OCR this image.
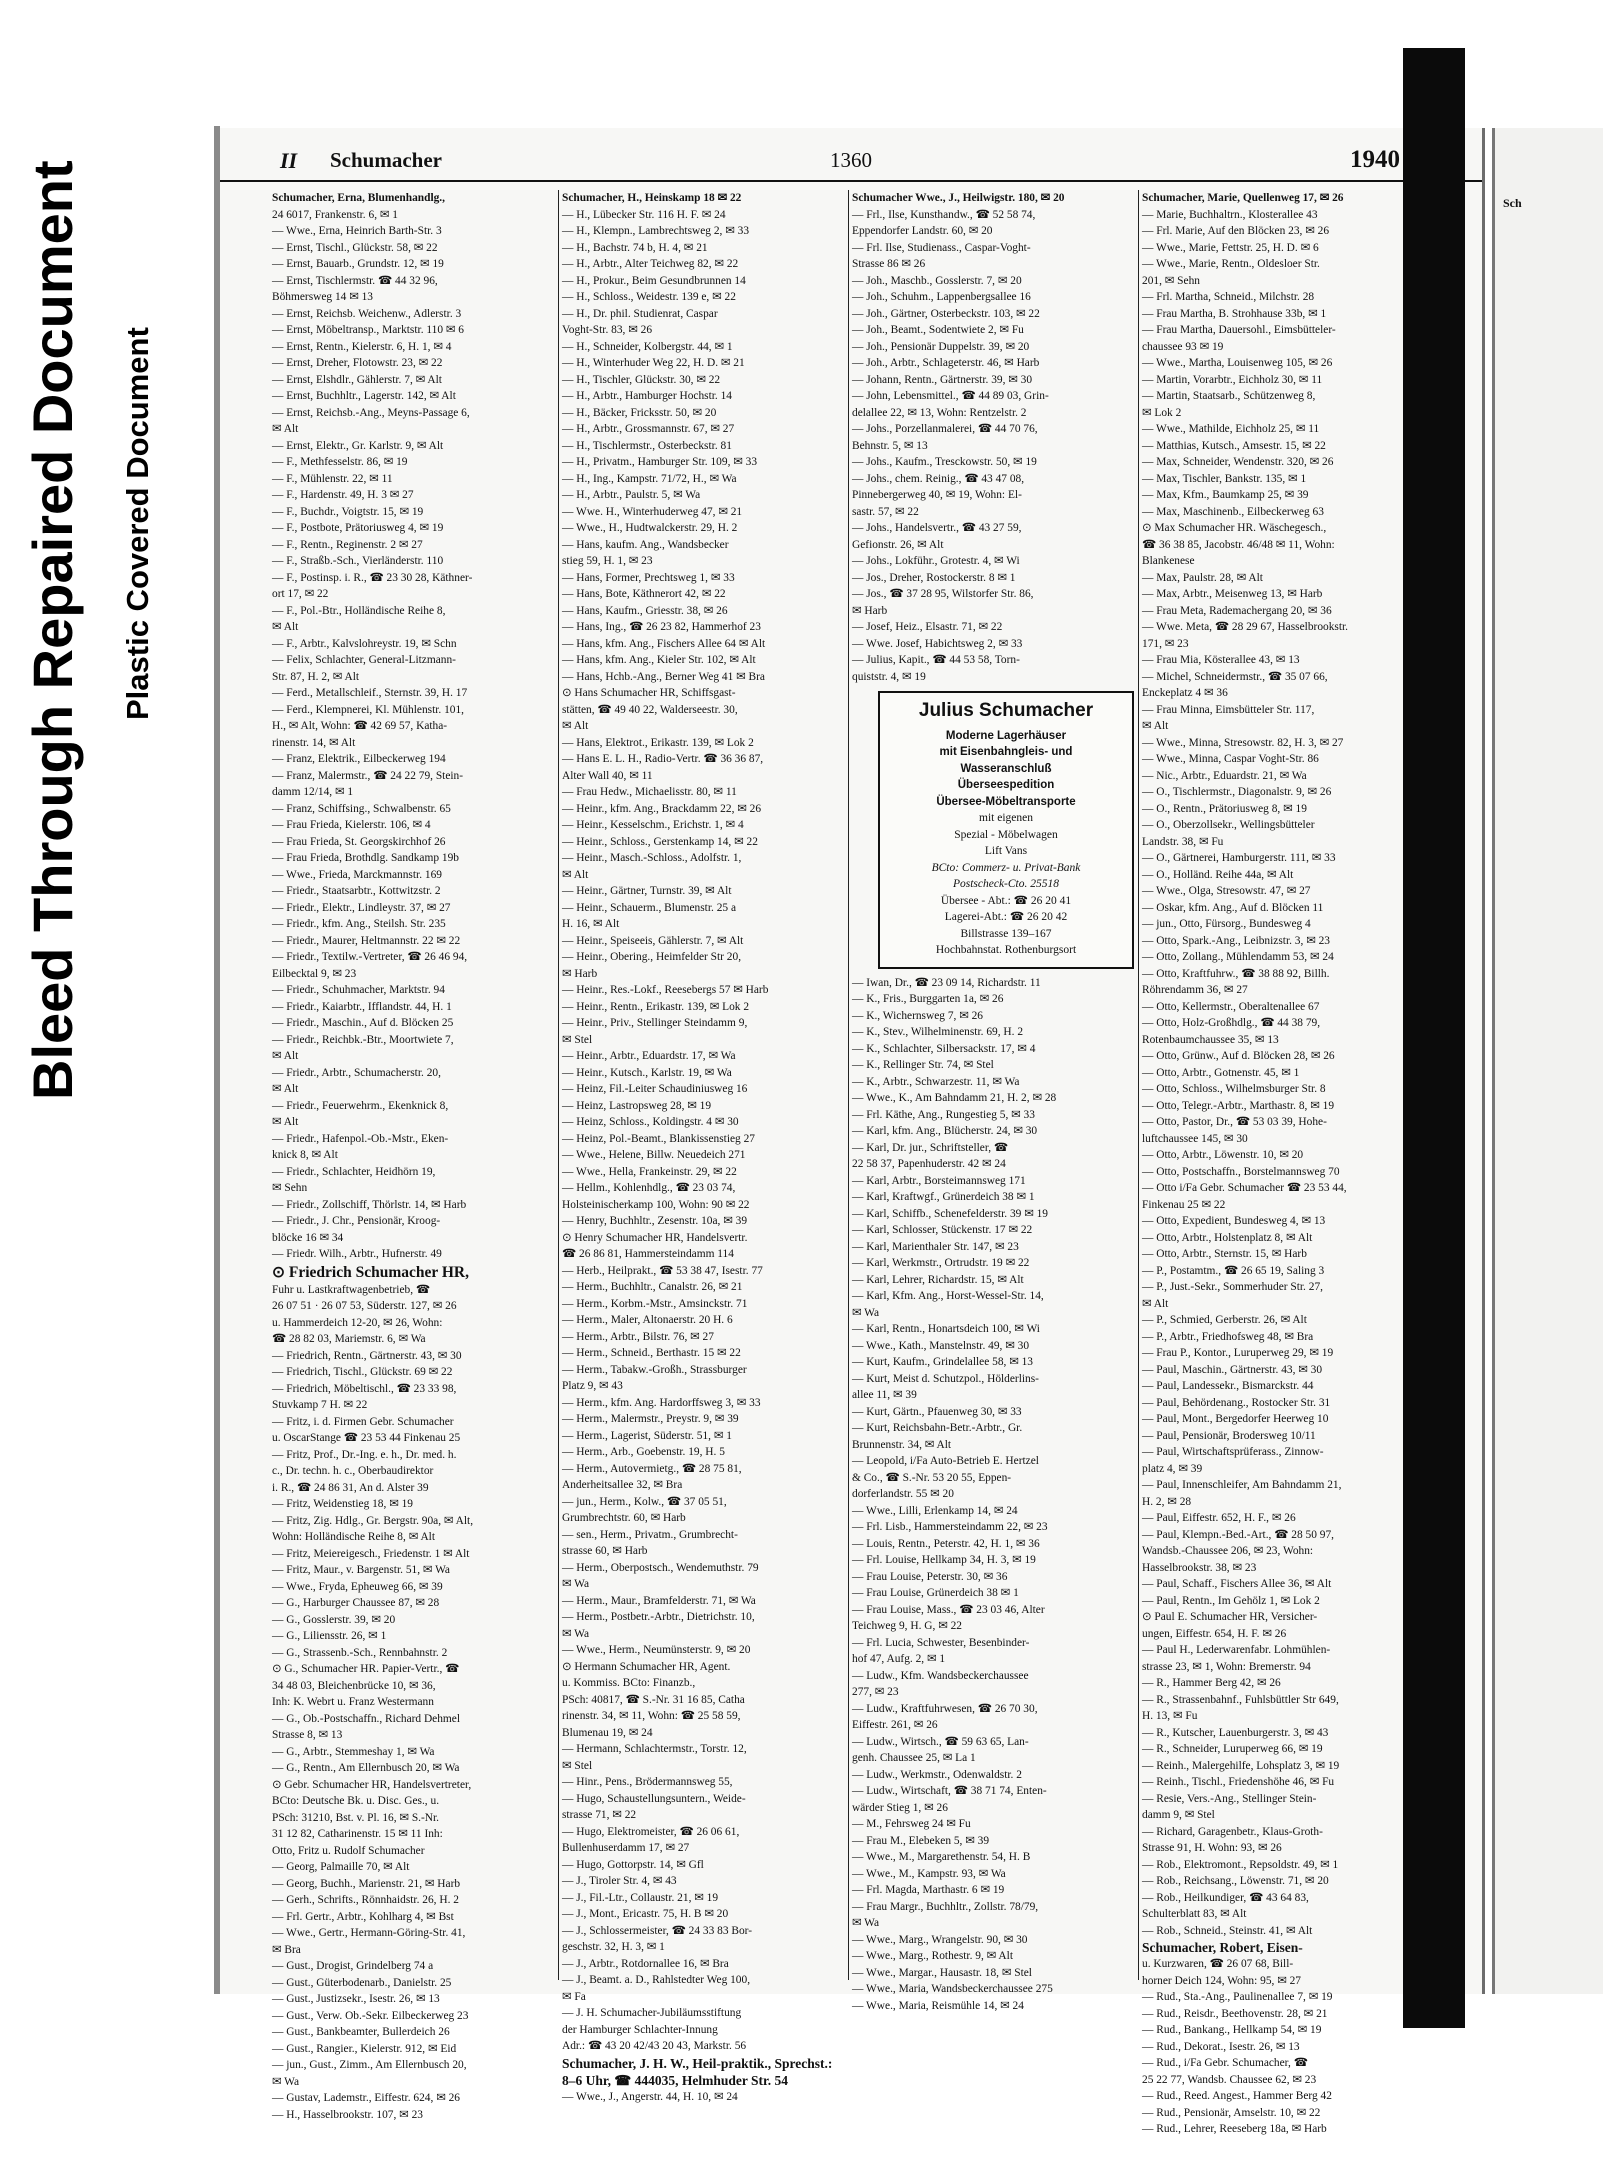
Bleed Through Repaired Document Plastic Covered Document
II Schumacher	1360	1940
Schumacher, Erna, Blumenhandlg.,
24 6017, Frankenstr. 6, ✉ 1
— Wwe., Erna, Heinrich Barth-Str. 3
— Ernst, Tischl., Glückstr. 58, ✉ 22
— Ernst, Bauarb., Grundstr. 12, ✉ 19
— Ernst, Tischlermstr. ☎ 44 32 96,
Böhmersweg 14 ✉ 13
— Ernst, Reichsb. Weichenw., Adlerstr. 3
— Ernst, Möbeltransp., Marktstr. 110 ✉ 6
— Ernst, Rentn., Kielerstr. 6, H. 1, ✉ 4
— Ernst, Dreher, Flotowstr. 23, ✉ 22
— Ernst, Elshdlr., Gählerstr. 7, ✉ Alt
— Ernst, Buchhltr., Lagerstr. 142, ✉ Alt
— Ernst, Reichsb.-Ang., Meyns-Passage 6,
✉ Alt
— Ernst, Elektr., Gr. Karlstr. 9, ✉ Alt
— F., Methfesselstr. 86, ✉ 19
— F., Mühlenstr. 22, ✉ 11
— F., Hardenstr. 49, H. 3 ✉ 27
— F., Buchdr., Voigtstr. 15, ✉ 19
— F., Postbote, Prätoriusweg 4, ✉ 19
— F., Rentn., Reginenstr. 2 ✉ 27
— F., Straßb.-Sch., Vierländerstr. 110
— F., Postinsp. i. R., ☎ 23 30 28, Käthner-
ort 17, ✉ 22
— F., Pol.-Btr., Holländische Reihe 8,
✉ Alt
— F., Arbtr., Kalvslohreystr. 19, ✉ Schn
— Felix, Schlachter, General-Litzmann-
Str. 87, H. 2, ✉ Alt
— Ferd., Metallschleif., Sternstr. 39, H. 17
— Ferd., Klempnerei, Kl. Mühlenstr. 101,
H., ✉ Alt, Wohn: ☎ 42 69 57, Katha-
rinenstr. 14, ✉ Alt
— Franz, Elektrik., Eilbeckerweg 194
— Franz, Malermstr., ☎ 24 22 79, Stein-
damm 12/14, ✉ 1
— Franz, Schiffsing., Schwalbenstr. 65
— Frau Frieda, Kielerstr. 106, ✉ 4
— Frau Frieda, St. Georgskirchhof 26
— Frau Frieda, Brothdlg. Sandkamp 19b
— Wwe., Frieda, Marckmannstr. 169
— Friedr., Staatsarbtr., Kottwitzstr. 2
— Friedr., Elektr., Lindleystr. 37, ✉ 27
— Friedr., kfm. Ang., Steilsh. Str. 235
— Friedr., Maurer, Heltmannstr. 22 ✉ 22
— Friedr., Textilw.-Vertreter, ☎ 26 46 94,
Eilbecktal 9, ✉ 23
— Friedr., Schuhmacher, Marktstr. 94
— Friedr., Kaiarbtr., Ifflandstr. 44, H. 1
— Friedr., Maschin., Auf d. Blöcken 25
— Friedr., Reichbk.-Btr., Moortwiete 7,
✉ Alt
— Friedr., Arbtr., Schumacherstr. 20,
✉ Alt
— Friedr., Feuerwehrm., Ekenknick 8,
✉ Alt
— Friedr., Hafenpol.-Ob.-Mstr., Eken-
knick 8, ✉ Alt
— Friedr., Schlachter, Heidhörn 19,
✉ Sehn
— Friedr., Zollschiff, Thörlstr. 14, ✉ Harb
— Friedr., J. Chr., Pensionär, Kroog-
blöcke 16 ✉ 34
— Friedr. Wilh., Arbtr., Hufnerstr. 49
⊙ Friedrich Schumacher HR,
Fuhr u. Lastkraftwagenbetrieb, ☎
26 07 51 · 26 07 53, Süderstr. 127, ✉ 26
u. Hammerdeich 12-20, ✉ 26, Wohn:
☎ 28 82 03, Mariemstr. 6, ✉ Wa
— Friedrich, Rentn., Gärtnerstr. 43, ✉ 30
— Friedrich, Tischl., Glückstr. 69 ✉ 22
— Friedrich, Möbeltischl., ☎ 23 33 98,
Stuvkamp 7 H. ✉ 22
— Fritz, i. d. Firmen Gebr. Schumacher
u. OscarStange ☎ 23 53 44 Finkenau 25
— Fritz, Prof., Dr.-Ing. e. h., Dr. med. h.
c., Dr. techn. h. c., Oberbaudirektor
i. R., ☎ 24 86 31, An d. Alster 39
— Fritz, Weidenstieg 18, ✉ 19
— Fritz, Zig. Hdlg., Gr. Bergstr. 90a, ✉ Alt,
Wohn: Holländische Reihe 8, ✉ Alt
— Fritz, Meiereigesch., Friedenstr. 1 ✉ Alt
— Fritz, Maur., v. Bargenstr. 51, ✉ Wa
— Wwe., Fryda, Epheuweg 66, ✉ 39
— G., Harburger Chaussee 87, ✉ 28
— G., Gosslerstr. 39, ✉ 20
— G., Liliensstr. 26, ✉ 1
— G., Strassenb.-Sch., Rennbahnstr. 2
⊙ G., Schumacher HR. Papier-Vertr., ☎
34 48 03, Bleichenbrücke 10, ✉ 36,
Inh: K. Webrt u. Franz Westermann
— G., Ob.-Postschaffn., Richard Dehmel
Strasse 8, ✉ 13
— G., Arbtr., Stemmeshay 1, ✉ Wa
— G., Rentn., Am Ellernbusch 20, ✉ Wa
⊙ Gebr. Schumacher HR, Handelsvertreter,
BCto: Deutsche Bk. u. Disc. Ges., u.
PSch: 31210, Bst. v. Pl. 16, ✉ S.-Nr.
31 12 82, Catharinenstr. 15 ✉ 11 Inh:
Otto, Fritz u. Rudolf Schumacher
— Georg, Palmaille 70, ✉ Alt
— Georg, Buchh., Marienstr. 21, ✉ Harb
— Gerh., Schrifts., Rönnhaidstr. 26, H. 2
— Frl. Gertr., Arbtr., Kohlharg 4, ✉ Bst
— Wwe., Gertr., Hermann-Göring-Str. 41,
✉ Bra
— Gust., Drogist, Grindelberg 74 a
— Gust., Güterbodenarb., Danielstr. 25
— Gust., Justizsekr., Isestr. 26, ✉ 13
— Gust., Verw. Ob.-Sekr. Eilbeckerweg 23
— Gust., Bankbeamter, Bullerdeich 26
— Gust., Rangier., Kielerstr. 912, ✉ Eid
— jun., Gust., Zimm., Am Ellernbusch 20,
✉ Wa
— Gustav, Lademstr., Eiffestr. 624, ✉ 26
— H., Hasselbrookstr. 107, ✉ 23
Schumacher, H., Heinskamp 18 ✉ 22
— H., Lübecker Str. 116 H. F. ✉ 24
— H., Klempn., Lambrechtsweg 2, ✉ 33
— H., Bachstr. 74 b, H. 4, ✉ 21
— H., Arbtr., Alter Teichweg 82, ✉ 22
— H., Prokur., Beim Gesundbrunnen 14
— H., Schloss., Weidestr. 139 e, ✉ 22
— H., Dr. phil. Studienrat, Caspar
Voght-Str. 83, ✉ 26
— H., Schneider, Kolbergstr. 44, ✉ 1
— H., Winterhuder Weg 22, H. D. ✉ 21
— H., Tischler, Glückstr. 30, ✉ 22
— H., Arbtr., Hamburger Hochstr. 14
— H., Bäcker, Fricksstr. 50, ✉ 20
— H., Arbtr., Grossmannstr. 67, ✉ 27
— H., Tischlermstr., Osterbeckstr. 81
— H., Privatm., Hamburger Str. 109, ✉ 33
— H., Ing., Kampstr. 71/72, H., ✉ Wa
— H., Arbtr., Paulstr. 5, ✉ Wa
— Wwe. H., Winterhuderweg 47, ✉ 21
— Wwe., H., Hudtwalckerstr. 29, H. 2
— Hans, kaufm. Ang., Wandsbecker
stieg 59, H. 1, ✉ 23
— Hans, Former, Prechtsweg 1, ✉ 33
— Hans, Bote, Käthnerort 42, ✉ 22
— Hans, Kaufm., Griesstr. 38, ✉ 26
— Hans, Ing., ☎ 26 23 82, Hammerhof 23
— Hans, kfm. Ang., Fischers Allee 64 ✉ Alt
— Hans, kfm. Ang., Kieler Str. 102, ✉ Alt
— Hans, Hchb.-Ang., Berner Weg 41 ✉ Bra
⊙ Hans Schumacher HR, Schiffsgast-
stätten, ☎ 49 40 22, Walderseestr. 30,
✉ Alt
— Hans, Elektrot., Erikastr. 139, ✉ Lok 2
— Hans E. L. H., Radio-Vertr. ☎ 36 36 87,
Alter Wall 40, ✉ 11
— Frau Hedw., Michaelisstr. 80, ✉ 11
— Heinr., kfm. Ang., Brackdamm 22, ✉ 26
— Heinr., Kesselschm., Erichstr. 1, ✉ 4
— Heinr., Schloss., Gerstenkamp 14, ✉ 22
— Heinr., Masch.-Schloss., Adolfstr. 1,
✉ Alt
— Heinr., Gärtner, Turnstr. 39, ✉ Alt
— Heinr., Schauerm., Blumenstr. 25 a
H. 16, ✉ Alt
— Heinr., Speiseeis, Gählerstr. 7, ✉ Alt
— Heinr., Obering., Heimfelder Str 20,
✉ Harb
— Heinr., Res.-Lokf., Reesebergs 57 ✉ Harb
— Heinr., Rentn., Erikastr. 139, ✉ Lok 2
— Heinr., Priv., Stellinger Steindamm 9,
✉ Stel
— Heinr., Arbtr., Eduardstr. 17, ✉ Wa
— Heinr., Kutsch., Karlstr. 19, ✉ Wa
— Heinz, Fil.-Leiter Schaudiniusweg 16
— Heinz, Lastropsweg 28, ✉ 19
— Heinz, Schloss., Koldingstr. 4 ✉ 30
— Heinz, Pol.-Beamt., Blankissenstieg 27
— Wwe., Helene, Billw. Neuedeich 271
— Wwe., Hella, Frankeinstr. 29, ✉ 22
— Hellm., Kohlenhdlg., ☎ 23 03 74,
Holsteinischerkamp 100, Wohn: 90 ✉ 22
— Henry, Buchhltr., Zesenstr. 10a, ✉ 39
⊙ Henry Schumacher HR, Handelsvertr.
☎ 26 86 81, Hammersteindamm 114
— Herb., Heilprakt., ☎ 53 38 47, Isestr. 77
— Herm., Buchhltr., Canalstr. 26, ✉ 21
— Herm., Korbm.-Mstr., Amsinckstr. 71
— Herm., Maler, Altonaerstr. 20 H. 6
— Herm., Arbtr., Bilstr. 76, ✉ 27
— Herm., Schneid., Berthastr. 15 ✉ 22
— Herm., Tabakw.-Großh., Strassburger
Platz 9, ✉ 43
— Herm., kfm. Ang. Hardorffsweg 3, ✉ 33
— Herm., Malermstr., Preystr. 9, ✉ 39
— Herm., Lagerist, Süderstr. 51, ✉ 1
— Herm., Arb., Goebenstr. 19, H. 5
— Herm., Autovermietg., ☎ 28 75 81,
Anderheitsallee 32, ✉ Bra
— jun., Herm., Kolw., ☎ 37 05 51,
Grumbrechtstr. 60, ✉ Harb
— sen., Herm., Privatm., Grumbrecht-
strasse 60, ✉ Harb
— Herm., Oberpostsch., Wendemuthstr. 79
✉ Wa
— Herm., Maur., Bramfelderstr. 71, ✉ Wa
— Herm., Postbetr.-Arbtr., Dietrichstr. 10,
✉ Wa
— Wwe., Herm., Neumünsterstr. 9, ✉ 20
⊙ Hermann Schumacher HR, Agent.
u. Kommiss. BCto: Finanzb.,
PSch: 40817, ☎ S.-Nr. 31 16 85, Catha
rinenstr. 34, ✉ 11, Wohn: ☎ 25 58 59,
Blumenau 19, ✉ 24
— Hermann, Schlachtermstr., Torstr. 12,
✉ Stel
— Hinr., Pens., Brödermannsweg 55,
— Hugo, Schaustellungsuntern., Weide-
strasse 71, ✉ 22
— Hugo, Elektromeister, ☎ 26 06 61,
Bullenhuserdamm 17, ✉ 27
— Hugo, Gottorpstr. 14, ✉ Gfl
— J., Tiroler Str. 4, ✉ 43
— J., Fil.-Ltr., Collaustr. 21, ✉ 19
— J., Mont., Ericastr. 75, H. B ✉ 20
— J., Schlossermeister, ☎ 24 33 83 Bor-
geschstr. 32, H. 3, ✉ 1
— J., Arbtr., Rotdornallee 16, ✉ Bra
— J., Beamt. a. D., Rahlstedter Weg 100,
✉ Fa
— J. H. Schumacher-Jubiläumsstiftung
der Hamburger Schlachter-Innung
Adr.: ☎ 43 20 42/43 20 43, Markstr. 56
Schumacher, J. H. W., Heil-praktik., Sprechst.: 8–6 Uhr, ☎ 444035, Helmhuder Str. 54
— Wwe., J., Angerstr. 44, H. 10, ✉ 24
Schumacher Wwe., J., Heilwigstr. 180, ✉ 20
— Frl., Ilse, Kunsthandw., ☎ 52 58 74,
Eppendorfer Landstr. 60, ✉ 20
— Frl. Ilse, Studienass., Caspar-Voght-
Strasse 86 ✉ 26
— Joh., Maschb., Gosslerstr. 7, ✉ 20
— Joh., Schuhm., Lappenbergsallee 16
— Joh., Gärtner, Osterbeckstr. 103, ✉ 22
— Joh., Beamt., Sodentwiete 2, ✉ Fu
— Joh., Pensionär Duppelstr. 39, ✉ 20
— Joh., Arbtr., Schlageterstr. 46, ✉ Harb
— Johann, Rentn., Gärtnerstr. 39, ✉ 30
— John, Lebensmittel., ☎ 44 89 03, Grin-
delallee 22, ✉ 13, Wohn: Rentzelstr. 2
— Johs., Porzellanmalerei, ☎ 44 70 76,
Behnstr. 5, ✉ 13
— Johs., Kaufm., Tresckowstr. 50, ✉ 19
— Johs., chem. Reinig., ☎ 43 47 08,
Pinnebergerweg 40, ✉ 19, Wohn: El-
sastr. 57, ✉ 22
— Johs., Handelsvertr., ☎ 43 27 59,
Gefionstr. 26, ✉ Alt
— Johs., Lokführ., Grotestr. 4, ✉ Wi
— Jos., Dreher, Rostockerstr. 8 ✉ 1
— Jos., ☎ 37 28 95, Wilstorfer Str. 86,
✉ Harb
— Josef, Heiz., Elsastr. 71, ✉ 22
— Wwe. Josef, Habichtsweg 2, ✉ 33
— Julius, Kapit., ☎ 44 53 58, Torn-
quiststr. 4, ✉ 19
Julius Schumacher
Moderne Lagerhäuser
mit Eisenbahngleis- und
Wasseranschluß
Überseespedition
Übersee-Möbeltransporte
mit eigenen
Spezial - Möbelwagen
Lift Vans
BCto: Commerz- u. Privat-Bank
Postscheck-Cto. 25518
Übersee - Abt.: ☎ 26 20 41
Lagerei-Abt.: ☎ 26 20 42
Billstrasse 139–167
Hochbahnstat. Rothenburgsort
— Iwan, Dr., ☎ 23 09 14, Richardstr. 11
— K., Fris., Burggarten 1a, ✉ 26
— K., Wichernsweg 7, ✉ 26
— K., Stev., Wilhelminenstr. 69, H. 2
— K., Schlachter, Silbersackstr. 17, ✉ 4
— K., Rellinger Str. 74, ✉ Stel
— K., Arbtr., Schwarzestr. 11, ✉ Wa
— Wwe., K., Am Bahndamm 21, H. 2, ✉ 28
— Frl. Käthe, Ang., Rungestieg 5, ✉ 33
— Karl, kfm. Ang., Blücherstr. 24, ✉ 30
— Karl, Dr. jur., Schriftsteller, ☎
22 58 37, Papenhuderstr. 42 ✉ 24
— Karl, Arbtr., Borsteimannsweg 171
— Karl, Kraftwgf., Grünerdeich 38 ✉ 1
— Karl, Schiffb., Schenefelderstr. 39 ✉ 19
— Karl, Schlosser, Stückenstr. 17 ✉ 22
— Karl, Marienthaler Str. 147, ✉ 23
— Karl, Werkmstr., Ortrudstr. 19 ✉ 22
— Karl, Lehrer, Richardstr. 15, ✉ Alt
— Karl, Kfm. Ang., Horst-Wessel-Str. 14,
✉ Wa
— Karl, Rentn., Honartsdeich 100, ✉ Wi
— Wwe., Kath., Manstelnstr. 49, ✉ 30
— Kurt, Kaufm., Grindelallee 58, ✉ 13
— Kurt, Meist d. Schutzpol., Hölderlins-
allee 11, ✉ 39
— Kurt, Gärtn., Pfauenweg 30, ✉ 33
— Kurt, Reichsbahn-Betr.-Arbtr., Gr.
Brunnenstr. 34, ✉ Alt
— Leopold, i/Fa Auto-Betrieb E. Hertzel
& Co., ☎ S.-Nr. 53 20 55, Eppen-
dorferlandstr. 55 ✉ 20
— Wwe., Lilli, Erlenkamp 14, ✉ 24
— Frl. Lisb., Hammersteindamm 22, ✉ 23
— Louis, Rentn., Peterstr. 42, H. 1, ✉ 36
— Frl. Louise, Hellkamp 34, H. 3, ✉ 19
— Frau Louise, Peterstr. 30, ✉ 36
— Frau Louise, Grünerdeich 38 ✉ 1
— Frau Louise, Mass., ☎ 23 03 46, Alter
Teichweg 9, H. G, ✉ 22
— Frl. Lucia, Schwester, Besenbinder-
hof 47, Aufg. 2, ✉ 1
— Ludw., Kfm. Wandsbeckerchaussee
277, ✉ 23
— Ludw., Kraftfuhrwesen, ☎ 26 70 30,
Eiffestr. 261, ✉ 26
— Ludw., Wirtsch., ☎ 59 63 65, Lan-
genh. Chaussee 25, ✉ La 1
— Ludw., Werkmstr., Odenwaldstr. 2
— Ludw., Wirtschaft, ☎ 38 71 74, Enten-
wärder Stieg 1, ✉ 26
— M., Fehrsweg 24 ✉ Fu
— Frau M., Elebeken 5, ✉ 39
— Wwe., M., Margarethenstr. 54, H. B
— Wwe., M., Kampstr. 93, ✉ Wa
— Frl. Magda, Marthastr. 6 ✉ 19
— Frau Margr., Buchhltr., Zollstr. 78/79,
✉ Wa
— Wwe., Marg., Wrangelstr. 90, ✉ 30
— Wwe., Marg., Rothestr. 9, ✉ Alt
— Wwe., Margar., Hausastr. 18, ✉ Stel
— Wwe., Maria, Wandsbeckerchaussee 275
— Wwe., Maria, Reismühle 14, ✉ 24
Schumacher, Marie, Quellenweg 17, ✉ 26
— Marie, Buchhaltrn., Klosterallee 43
— Frl. Marie, Auf den Blöcken 23, ✉ 26
— Wwe., Marie, Fettstr. 25, H. D. ✉ 6
— Wwe., Marie, Rentn., Oldesloer Str.
201, ✉ Sehn
— Frl. Martha, Schneid., Milchstr. 28
— Frau Martha, B. Strohhause 33b, ✉ 1
— Frau Martha, Dauersohl., Eimsbütteler-
chaussee 93 ✉ 19
— Wwe., Martha, Louisenweg 105, ✉ 26
— Martin, Vorarbtr., Eichholz 30, ✉ 11
— Martin, Staatsarb., Schützenweg 8,
✉ Lok 2
— Wwe., Mathilde, Eichholz 25, ✉ 11
— Matthias, Kutsch., Amsestr. 15, ✉ 22
— Max, Schneider, Wendenstr. 320, ✉ 26
— Max, Tischler, Bankstr. 135, ✉ 1
— Max, Kfm., Baumkamp 25, ✉ 39
— Max, Maschinenb., Eilbeckerweg 63
⊙ Max Schumacher HR. Wäschegesch.,
☎ 36 38 85, Jacobstr. 46/48 ✉ 11, Wohn:
Blankenese
— Max, Paulstr. 28, ✉ Alt
— Max, Arbtr., Meisenweg 13, ✉ Harb
— Frau Meta, Rademachergang 20, ✉ 36
— Wwe. Meta, ☎ 28 29 67, Hasselbrookstr.
171, ✉ 23
— Frau Mia, Kösterallee 43, ✉ 13
— Michel, Schneidermstr., ☎ 35 07 66,
Enckeplatz 4 ✉ 36
— Frau Minna, Eimsbütteler Str. 117,
✉ Alt
— Wwe., Minna, Stresowstr. 82, H. 3, ✉ 27
— Wwe., Minna, Caspar Voght-Str. 86
— Nic., Arbtr., Eduardstr. 21, ✉ Wa
— O., Tischlermstr., Diagonalstr. 9, ✉ 26
— O., Rentn., Prätoriusweg 8, ✉ 19
— O., Oberzollsekr., Wellingsbütteler
Landstr. 38, ✉ Fu
— O., Gärtnerei, Hamburgerstr. 111, ✉ 33
— O., Holländ. Reihe 44a, ✉ Alt
— Wwe., Olga, Stresowstr. 47, ✉ 27
— Oskar, kfm. Ang., Auf d. Blöcken 11
— jun., Otto, Fürsorg., Bundesweg 4
— Otto, Spark.-Ang., Leibnizstr. 3, ✉ 23
— Otto, Zollang., Mühlendamm 53, ✉ 24
— Otto, Kraftfuhrw., ☎ 38 88 92, Billh.
Röhrendamm 36, ✉ 27
— Otto, Kellermstr., Oberaltenallee 67
— Otto, Holz-Großhdlg., ☎ 44 38 79,
Rotenbaumchaussee 35, ✉ 13
— Otto, Grünw., Auf d. Blöcken 28, ✉ 26
— Otto, Arbtr., Gotnenstr. 45, ✉ 1
— Otto, Schloss., Wilhelmsburger Str. 8
— Otto, Telegr.-Arbtr., Marthastr. 8, ✉ 19
— Otto, Pastor, Dr., ☎ 53 03 39, Hohe-
luftchaussee 145, ✉ 30
— Otto, Arbtr., Löwenstr. 10, ✉ 20
— Otto, Postschaffn., Borstelmannsweg 70
— Otto i/Fa Gebr. Schumacher ☎ 23 53 44,
Finkenau 25 ✉ 22
— Otto, Expedient, Bundesweg 4, ✉ 13
— Otto, Arbtr., Holstenplatz 8, ✉ Alt
— Otto, Arbtr., Sternstr. 15, ✉ Harb
— P., Postamtm., ☎ 26 65 19, Saling 3
— P., Just.-Sekr., Sommerhuder Str. 27,
✉ Alt
— P., Schmied, Gerberstr. 26, ✉ Alt
— P., Arbtr., Friedhofsweg 48, ✉ Bra
— Frau P., Kontor., Luruperweg 29, ✉ 19
— Paul, Maschin., Gärtnerstr. 43, ✉ 30
— Paul, Landessekr., Bismarckstr. 44
— Paul, Behördenang., Rostocker Str. 31
— Paul, Mont., Bergedorfer Heerweg 10
— Paul, Pensionär, Brodersweg 10/11
— Paul, Wirtschaftsprüferass., Zinnow-
platz 4, ✉ 39
— Paul, Innenschleifer, Am Bahndamm 21,
H. 2, ✉ 28
— Paul, Eiffestr. 652, H. F., ✉ 26
— Paul, Klempn.-Bed.-Art., ☎ 28 50 97,
Wandsb.-Chaussee 206, ✉ 23, Wohn:
Hasselbrookstr. 38, ✉ 23
— Paul, Schaff., Fischers Allee 36, ✉ Alt
— Paul, Rentn., Im Gehölz 1, ✉ Lok 2
⊙ Paul E. Schumacher HR, Versicher-
ungen, Eiffestr. 654, H. F. ✉ 26
— Paul H., Lederwarenfabr. Lohmühlen-
strasse 23, ✉ 1, Wohn: Bremerstr. 94
— R., Hammer Berg 42, ✉ 26
— R., Strassenbahnf., Fuhlsbüttler Str 649,
H. 13, ✉ Fu
— R., Kutscher, Lauenburgerstr. 3, ✉ 43
— R., Schneider, Luruperweg 66, ✉ 19
— Reinh., Malergehilfe, Lohsplatz 3, ✉ 19
— Reinh., Tischl., Friedenshöhe 46, ✉ Fu
— Resie, Vers.-Ang., Stellinger Stein-
damm 9, ✉ Stel
— Richard, Garagenbetr., Klaus-Groth-
Strasse 91, H. Wohn: 93, ✉ 26
— Rob., Elektromont., Repsoldstr. 49, ✉ 1
— Rob., Reichsang., Löwenstr. 71, ✉ 20
— Rob., Heilkundiger, ☎ 43 64 83,
Schulterblatt 83, ✉ Alt
— Rob., Schneid., Steinstr. 41, ✉ Alt
Schumacher, Robert, Eisen-
u. Kurzwaren, ☎ 26 07 68, Bill-
horner Deich 124, Wohn: 95, ✉ 27
— Rud., Sta.-Ang., Paulinenallee 7, ✉ 19
— Rud., Reisdr., Beethovenstr. 28, ✉ 21
— Rud., Bankang., Hellkamp 54, ✉ 19
— Rud., Dekorat., Isestr. 26, ✉ 13
— Rud., i/Fa Gebr. Schumacher, ☎
25 22 77, Wandsb. Chaussee 62, ✉ 23
— Rud., Reed. Angest., Hammer Berg 42
— Rud., Pensionär, Amselstr. 10, ✉ 22
— Rud., Lehrer, Reeseberg 18a, ✉ Harb
Sch
